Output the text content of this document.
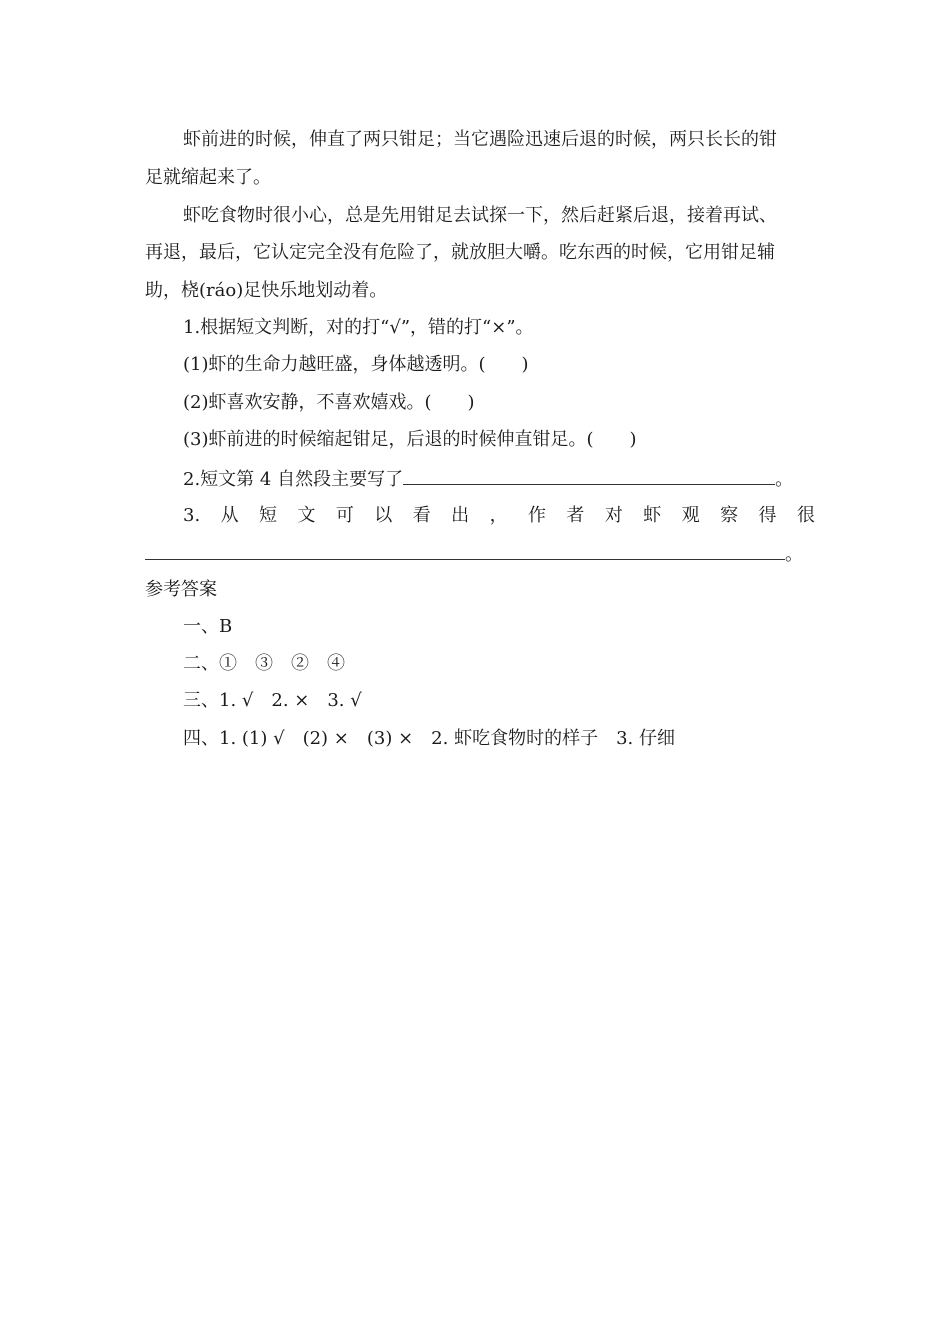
虾前进的时候，伸直了两只钳足；当它遇险迅速后退的时候，两只长长的钳
足就缩起来了。
虾吃食物时很小心，总是先用钳足去试探一下，然后赶紧后退，接着再试、
再退，最后，它认定完全没有危险了，就放胆大嚼。吃东西的时候，它用钳足辅
助，桡(ráo)足快乐地划动着。
1.根据短文判断，对的打“√”，错的打“×”。
(1)虾的生命力越旺盛，身体越透明。(　　)
(2)虾喜欢安静，不喜欢嬉戏。(　　)
(3)虾前进的时候缩起钳足，后退的时候伸直钳足。(　　)
2.短文第 4 自然段主要写了	。
3. 从 短 文 可 以 看 出 ， 作 者 对 虾 观 察 得 很
。
参考答案
一、B
二、①　③　②　④
三、1. √　2. ×　3. √
四、1. (1) √　(2) ×　(3) ×　2. 虾吃食物时的样子　3. 仔细
